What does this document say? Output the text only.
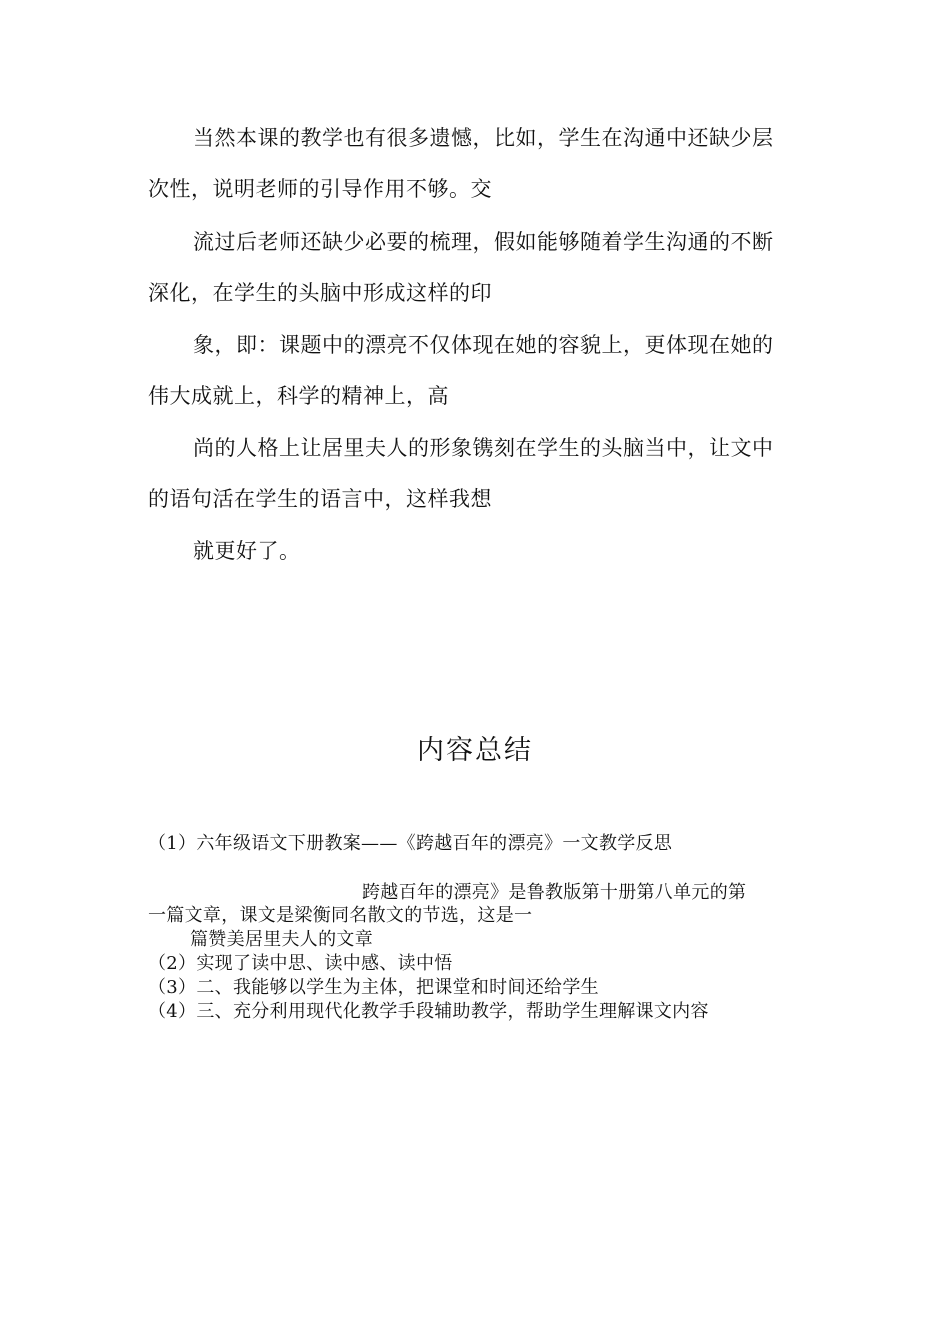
当然本课的教学也有很多遗憾，比如，学生在沟通中还缺少层
次性，说明老师的引导作用不够。交
流过后老师还缺少必要的梳理，假如能够随着学生沟通的不断
深化，在学生的头脑中形成这样的印
象，即：课题中的漂亮不仅体现在她的容貌上，更体现在她的
伟大成就上，科学的精神上，高
尚的人格上让居里夫人的形象镌刻在学生的头脑当中，让文中
的语句活在学生的语言中，这样我想
就更好了。
内容总结
（1）六年级语文下册教案——《跨越百年的漂亮》一文教学反思
跨越百年的漂亮》是鲁教版第十册第八单元的第
一篇文章，课文是梁衡同名散文的节选，这是一
篇赞美居里夫人的文章
（2）实现了读中思、读中感、读中悟
（3）二、我能够以学生为主体，把课堂和时间还给学生
（4）三、充分利用现代化教学手段辅助教学，帮助学生理解课文内容
